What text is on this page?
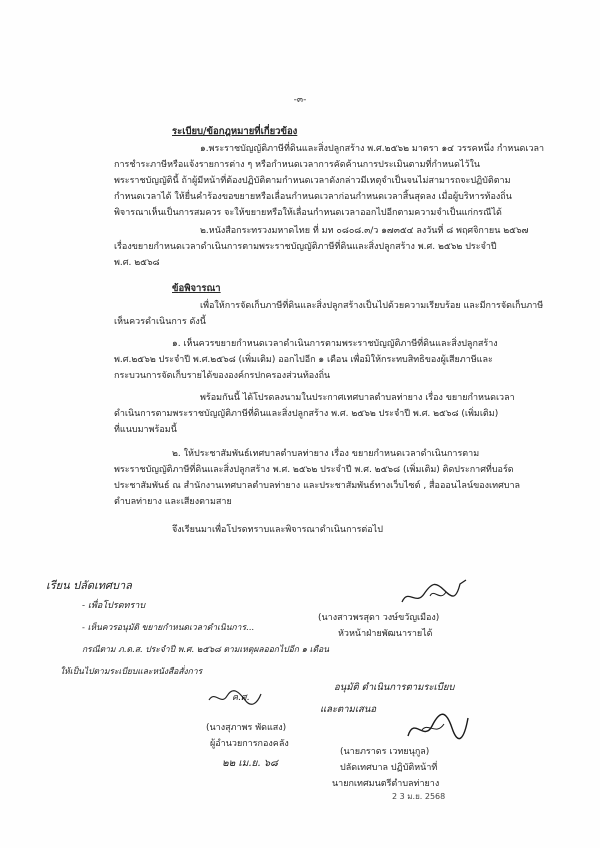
-๓-
ระเบียบ/ข้อกฎหมายที่เกี่ยวข้อง
๑.พระราชบัญญัติภาษีที่ดินและสิ่งปลูกสร้าง พ.ศ.๒๕๖๒ มาตรา ๑๔ วรรคหนึ่ง กำหนดเวลา
การชำระภาษีหรือแจ้งรายการต่าง ๆ หรือกำหนดเวลาการคัดค้านการประเมินตามที่กำหนดไว้ใน
พระราชบัญญัตินี้ ถ้าผู้มีหน้าที่ต้องปฏิบัติตามกำหนดเวลาดังกล่าวมีเหตุจำเป็นจนไม่สามารถจะปฏิบัติตาม
กำหนดเวลาได้ ให้ยื่นคำร้องขอขยายหรือเลื่อนกำหนดเวลาก่อนกำหนดเวลาสิ้นสุดลง เมื่อผู้บริหารท้องถิ่น
พิจารณาเห็นเป็นการสมควร จะให้ขยายหรือให้เลื่อนกำหนดเวลาออกไปอีกตามความจำเป็นแก่กรณีได้
๒.หนังสือกระทรวงมหาดไทย ที่ มท ๐๘๐๘.๓/ว ๑๗๓๕๔ ลงวันที่ ๘ พฤศจิกายน ๒๕๖๗
เรื่องขยายกำหนดเวลาดำเนินการตามพระราชบัญญัติภาษีที่ดินและสิ่งปลูกสร้าง พ.ศ. ๒๕๖๒ ประจำปี
พ.ศ. ๒๕๖๘
ข้อพิจารณา
เพื่อให้การจัดเก็บภาษีที่ดินและสิ่งปลูกสร้างเป็นไปด้วยความเรียบร้อย และมีการจัดเก็บภาษี
เห็นควรดำเนินการ ดังนี้
๑. เห็นควรขยายกำหนดเวลาดำเนินการตามพระราชบัญญัติภาษีที่ดินและสิ่งปลูกสร้าง
พ.ศ.๒๕๖๒ ประจำปี พ.ศ.๒๕๖๘ (เพิ่มเติม) ออกไปอีก ๑ เดือน เพื่อมิให้กระทบสิทธิของผู้เสียภาษีและ
กระบวนการจัดเก็บรายได้ขององค์กรปกครองส่วนท้องถิ่น
พร้อมกันนี้ ได้โปรดลงนามในประกาศเทศบาลตำบลท่ายาง เรื่อง ขยายกำหนดเวลา
ดำเนินการตามพระราชบัญญัติภาษีที่ดินและสิ่งปลูกสร้าง พ.ศ. ๒๕๖๒ ประจำปี พ.ศ. ๒๕๖๘ (เพิ่มเติม)
ที่แนบมาพร้อมนี้
๒. ให้ประชาสัมพันธ์เทศบาลตำบลท่ายาง เรื่อง ขยายกำหนดเวลาดำเนินการตาม
พระราชบัญญัติภาษีที่ดินและสิ่งปลูกสร้าง พ.ศ. ๒๕๖๒ ประจำปี พ.ศ. ๒๕๖๘ (เพิ่มเติม) ติดประกาศที่บอร์ด
ประชาสัมพันธ์ ณ สำนักงานเทศบาลตำบลท่ายาง และประชาสัมพันธ์ทางเว็บไซต์ , สื่อออนไลน์ของเทศบาล
ตำบลท่ายาง และเสียงตามสาย
จึงเรียนมาเพื่อโปรดทราบและพิจารณาดำเนินการต่อไป
เรียน ปลัดเทศบาล
- เพื่อโปรดทราบ
- เห็นควรอนุมัติ ขยายกำหนดเวลาดำเนินการ...
กรณีตาม ภ.ด.ส. ประจำปี พ.ศ. ๒๕๖๘ ตามเหตุผลออกไปอีก ๑ เดือน
ให้เป็นไปตามระเบียบและหนังสือสั่งการ
ค.ศ.
(นางสุภาพร พัดแสง)
ผู้อำนวยการกองคลัง
๒๒ เม.ย. ๖๘
(นางสาวพรสุดา วงษ์ขวัญเมือง)
หัวหน้าฝ่ายพัฒนารายได้
อนุมัติ ดำเนินการตามระเบียบ
และตามเสนอ
(นายภราดร เวทยนุกูล)
ปลัดเทศบาล ปฏิบัติหน้าที่
นายกเทศมนตรีตำบลท่ายาง
2 3 ม.ย. 2568
